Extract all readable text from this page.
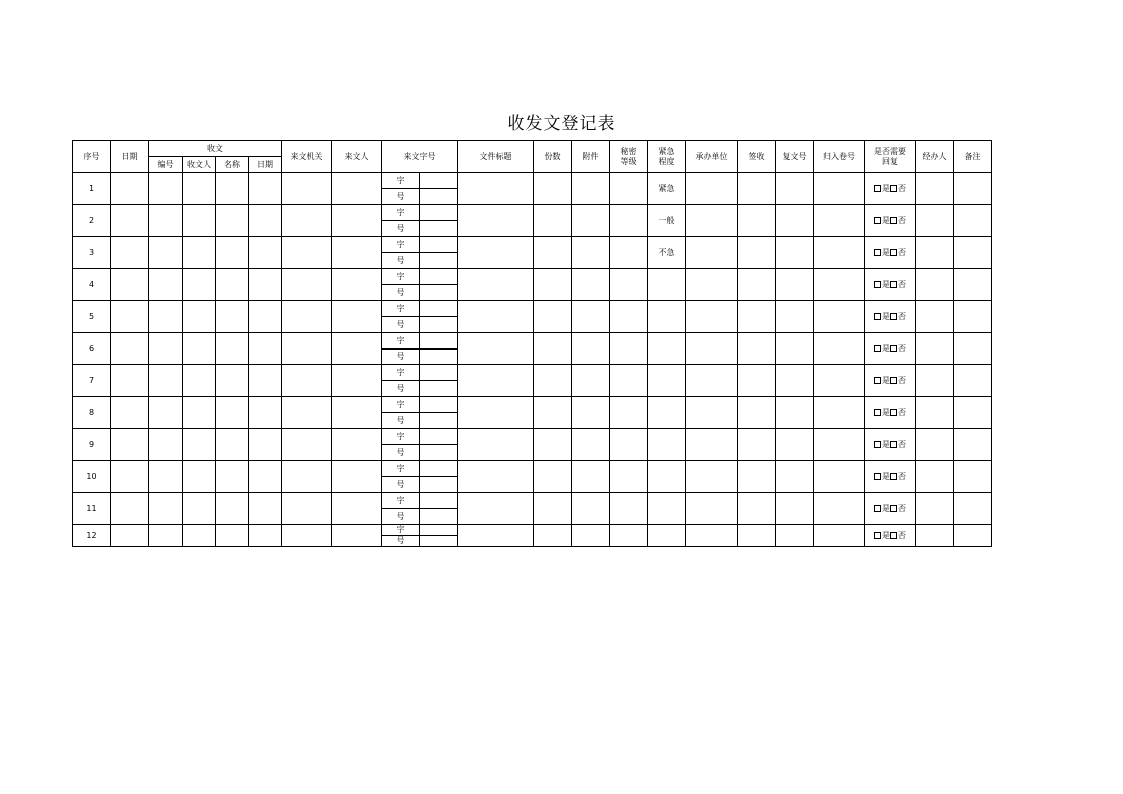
收发文登记表
序号	日期	收文				来文机关	来文人	来文字号		文件标题	份数	附件	秘密等级	紧急程度	承办单位	签收	复文号	归入卷号	是否需要回复	经办人	备注
		编号	收文人	名称	日期																
1								字						紧急					是 否		
								号													
2								字						一般					是 否		
								号													
3								字						不急					是 否		
								号													
4								字											是 否		
								号													
5								字											是 否		
								号													
6								字											是 否		
								号													
7								字											是 否		
								号													
8								字											是 否		
								号													
9								字											是 否		
								号													
10								字											是 否		
								号													
11								字											是 否		
								号													
12								字											是 否		
								号													
